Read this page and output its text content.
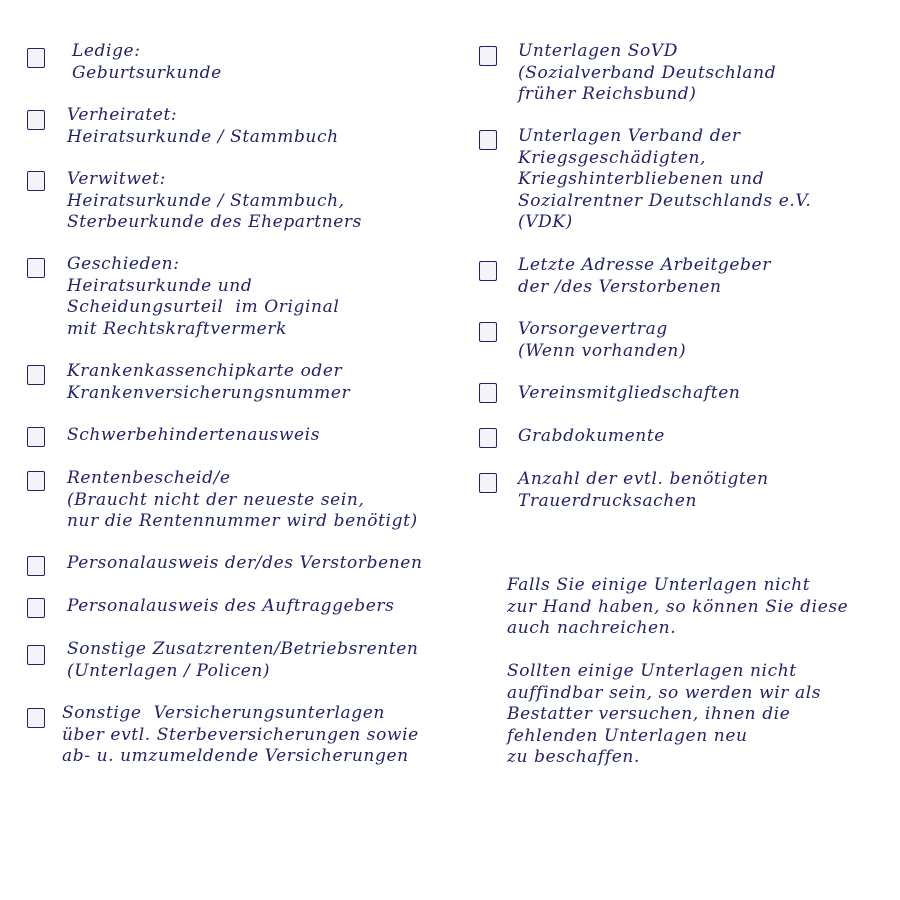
Ledige:
Geburtsurkunde
Verheiratet:
Heiratsurkunde / Stammbuch
Verwitwet:
Heiratsurkunde / Stammbuch,
Sterbeurkunde des Ehepartners
Geschieden:
Heiratsurkunde und
Scheidungsurteil  im Original
mit Rechtskraftvermerk
Krankenkassenchipkarte oder
Krankenversicherungsnummer
Schwerbehindertenausweis
Rentenbescheid/e
(Braucht nicht der neueste sein,
nur die Rentennummer wird benötigt)
Personalausweis der/des Verstorbenen
Personalausweis des Auftraggebers
Sonstige Zusatzrenten/Betriebsrenten
(Unterlagen / Policen)
Sonstige  Versicherungsunterlagen
über evtl. Sterbeversicherungen sowie
ab- u. umzumeldende Versicherungen
Unterlagen SoVD
(Sozialverband Deutschland
früher Reichsbund)
Unterlagen Verband der
Kriegsgeschädigten,
Kriegshinterbliebenen und
Sozialrentner Deutschlands e.V.
(VDK)
Letzte Adresse Arbeitgeber
der /des Verstorbenen
Vorsorgevertrag
(Wenn vorhanden)
Vereinsmitgliedschaften
Grabdokumente
Anzahl der evtl. benötigten
Trauerdrucksachen
Falls Sie einige Unterlagen nicht
zur Hand haben, so können Sie diese
auch nachreichen.
Sollten einige Unterlagen nicht
auffindbar sein, so werden wir als
Bestatter versuchen, ihnen die
fehlenden Unterlagen neu
zu beschaffen.
